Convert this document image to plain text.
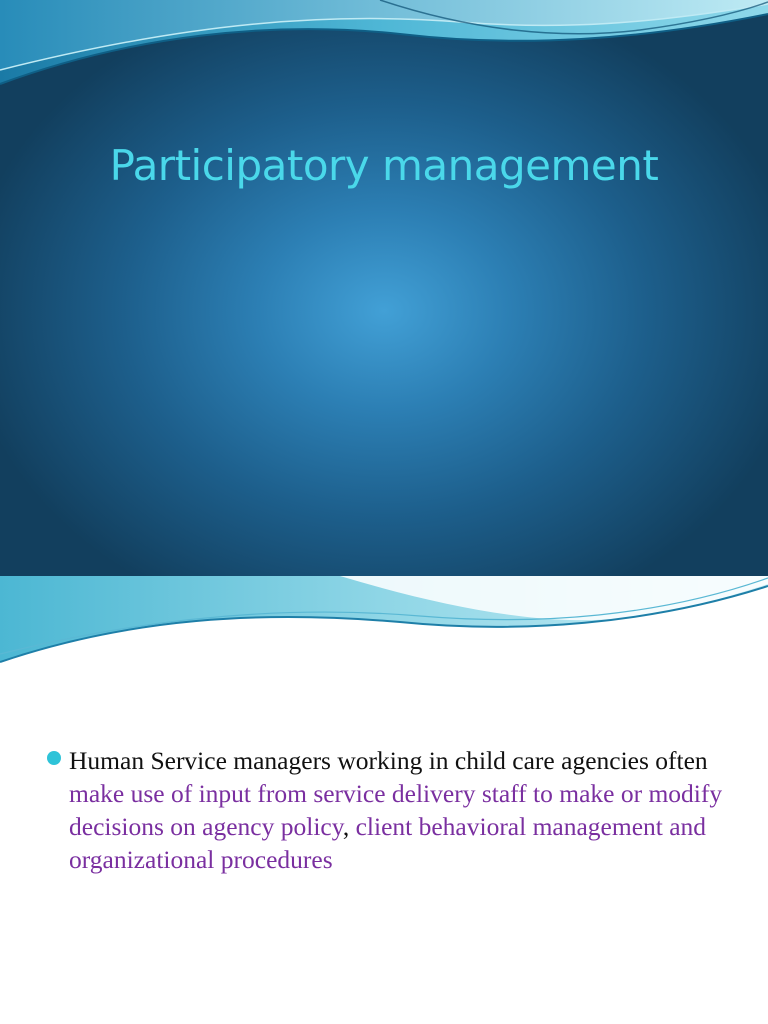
Participatory management

Human Service managers working in child care agencies often make use of input from service delivery staff to make or modify decisions on agency policy, client behavioral management and organizational procedures
